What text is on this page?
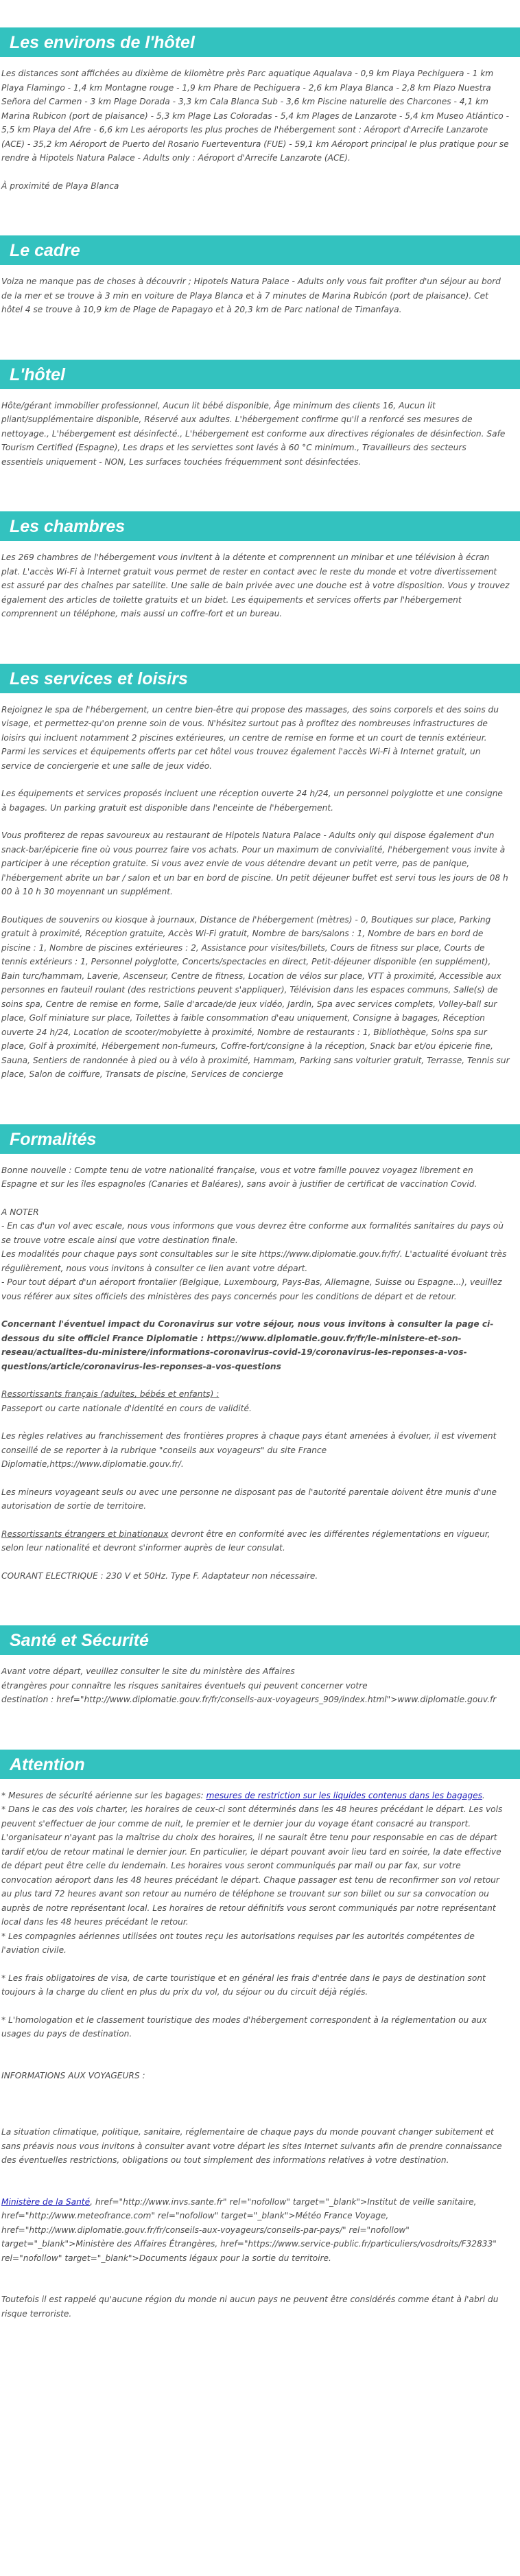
Les environs de l'hôtel

Les distances sont affichées au dixième de kilomètre près Parc aquatique Aqualava - 0,9 km Playa Pechiguera - 1 km Playa Flamingo - 1,4 km Montagne rouge - 1,9 km Phare de Pechiguera - 2,6 km Playa Blanca - 2,8 km Plazo Nuestra Señora del Carmen - 3 km Plage Dorada - 3,3 km Cala Blanca Sub - 3,6 km Piscine naturelle des Charcones - 4,1 km Marina Rubicon (port de plaisance) - 5,3 km Plage Las Coloradas - 5,4 km Plages de Lanzarote - 5,4 km Museo Atlántico - 5,5 km Playa del Afre - 6,6 km Les aéroports les plus proches de l'hébergement sont : Aéroport d'Arrecife Lanzarote (ACE) - 35,2 km Aéroport de Puerto del Rosario Fuerteventura (FUE) - 59,1 km Aéroport principal le plus pratique pour se rendre à Hipotels Natura Palace - Adults only : Aéroport d'Arrecife Lanzarote (ACE).

À proximité de Playa Blanca

Le cadre

Voiza ne manque pas de choses à découvrir ; Hipotels Natura Palace - Adults only vous fait profiter d'un séjour au bord de la mer et se trouve à 3 min en voiture de Playa Blanca et à 7 minutes de Marina Rubicón (port de plaisance). Cet hôtel 4 se trouve à 10,9 km de Plage de Papagayo et à 20,3 km de Parc national de Timanfaya.

L'hôtel

Hôte/gérant immobilier professionnel, Aucun lit bébé disponible, Âge minimum des clients 16, Aucun lit pliant/supplémentaire disponible, Réservé aux adultes. L'hébergement confirme qu'il a renforcé ses mesures de nettoyage., L'hébergement est désinfecté., L'hébergement est conforme aux directives régionales de désinfection. Safe Tourism Certified (Espagne), Les draps et les serviettes sont lavés à 60 °C minimum., Travailleurs des secteurs essentiels uniquement - NON, Les surfaces touchées fréquemment sont désinfectées.

Les chambres

Les 269 chambres de l'hébergement vous invitent à la détente et comprennent un minibar et une télévision à écran plat. L'accès Wi-Fi à Internet gratuit vous permet de rester en contact avec le reste du monde et votre divertissement est assuré par des chaînes par satellite. Une salle de bain privée avec une douche est à votre disposition. Vous y trouvez également des articles de toilette gratuits et un bidet. Les équipements et services offerts par l'hébergement comprennent un téléphone, mais aussi un coffre-fort et un bureau.

Les services et loisirs

Rejoignez le spa de l'hébergement, un centre bien-être qui propose des massages, des soins corporels et des soins du visage, et permettez-qu'on prenne soin de vous. N'hésitez surtout pas à profitez des nombreuses infrastructures de loisirs qui incluent notamment 2 piscines extérieures, un centre de remise en forme et un court de tennis extérieur. Parmi les services et équipements offerts par cet hôtel vous trouvez également l'accès Wi-Fi à Internet gratuit, un service de conciergerie et une salle de jeux vidéo.

Les équipements et services proposés incluent une réception ouverte 24 h/24, un personnel polyglotte et une consigne à bagages. Un parking gratuit est disponible dans l'enceinte de l'hébergement.

Vous profiterez de repas savoureux au restaurant de Hipotels Natura Palace - Adults only qui dispose également d'un snack-bar/épicerie fine où vous pourrez faire vos achats. Pour un maximum de convivialité, l'hébergement vous invite à participer à une réception gratuite. Si vous avez envie de vous détendre devant un petit verre, pas de panique, l'hébergement abrite un bar / salon et un bar en bord de piscine. Un petit déjeuner buffet est servi tous les jours de 08 h 00 à 10 h 30 moyennant un supplément.

Boutiques de souvenirs ou kiosque à journaux, Distance de l'hébergement (mètres) - 0, Boutiques sur place, Parking gratuit à proximité, Réception gratuite, Accès Wi-Fi gratuit, Nombre de bars/salons : 1, Nombre de bars en bord de piscine : 1, Nombre de piscines extérieures : 2, Assistance pour visites/billets, Cours de fitness sur place, Courts de tennis extérieurs : 1, Personnel polyglotte, Concerts/spectacles en direct, Petit-déjeuner disponible (en supplément), Bain turc/hammam, Laverie, Ascenseur, Centre de fitness, Location de vélos sur place, VTT à proximité, Accessible aux personnes en fauteuil roulant (des restrictions peuvent s'appliquer), Télévision dans les espaces communs, Salle(s) de soins spa, Centre de remise en forme, Salle d'arcade/de jeux vidéo, Jardin, Spa avec services complets, Volley-ball sur place, Golf miniature sur place, Toilettes à faible consommation d'eau uniquement, Consigne à bagages, Réception ouverte 24 h/24, Location de scooter/mobylette à proximité, Nombre de restaurants : 1, Bibliothèque, Soins spa sur place, Golf à proximité, Hébergement non-fumeurs, Coffre-fort/consigne à la réception, Snack bar et/ou épicerie fine, Sauna, Sentiers de randonnée à pied ou à vélo à proximité, Hammam, Parking sans voiturier gratuit, Terrasse, Tennis sur place, Salon de coiffure, Transats de piscine, Services de concierge

Formalités

Bonne nouvelle : Compte tenu de votre nationalité française, vous et votre famille pouvez voyagez librement en Espagne et sur les îles espagnoles (Canaries et Baléares), sans avoir à justifier de certificat de vaccination Covid.

A NOTER
- En cas d'un vol avec escale, nous vous informons que vous devrez être conforme aux formalités sanitaires du pays où se trouve votre escale ainsi que votre destination finale.
Les modalités pour chaque pays sont consultables sur le site https://www.diplomatie.gouv.fr/fr/. L'actualité évoluant très régulièrement, nous vous invitons à consulter ce lien avant votre départ.
- Pour tout départ d'un aéroport frontalier (Belgique, Luxembourg, Pays-Bas, Allemagne, Suisse ou Espagne...), veuillez vous référer aux sites officiels des ministères des pays concernés pour les conditions de départ et de retour.

Concernant l'éventuel impact du Coronavirus sur votre séjour, nous vous invitons à consulter la page ci-dessous du site officiel France Diplomatie : https://www.diplomatie.gouv.fr/fr/le-ministere-et-son-reseau/actualites-du-ministere/informations-coronavirus-covid-19/coronavirus-les-reponses-a-vos-questions/article/coronavirus-les-reponses-a-vos-questions

Ressortissants français (adultes, bébés et enfants) :
Passeport ou carte nationale d'identité en cours de validité.

Les règles relatives au franchissement des frontières propres à chaque pays étant amenées à évoluer, il est vivement conseillé de se reporter à la rubrique "conseils aux voyageurs" du site France Diplomatie,https://www.diplomatie.gouv.fr/.

Les mineurs voyageant seuls ou avec une personne ne disposant pas de l'autorité parentale doivent être munis d'une autorisation de sortie de territoire.

Ressortissants étrangers et binationaux devront être en conformité avec les différentes réglementations en vigueur, selon leur nationalité et devront s'informer auprès de leur consulat.

COURANT ELECTRIQUE : 230 V et 50Hz. Type F. Adaptateur non nécessaire.

Santé et Sécurité

Avant votre départ, veuillez consulter le site du ministère des Affaires
étrangères pour connaître les risques sanitaires éventuels qui peuvent concerner votre
destination : href="http://www.diplomatie.gouv.fr/fr/conseils-aux-voyageurs_909/index.html">www.diplomatie.gouv.fr

Attention

* Mesures de sécurité aérienne sur les bagages: mesures de restriction sur les liquides contenus dans les bagages.

* Dans le cas des vols charter, les horaires de ceux-ci sont déterminés dans les 48 heures précédant le départ. Les vols peuvent s'effectuer de jour comme de nuit, le premier et le dernier jour du voyage étant consacré au transport. L'organisateur n'ayant pas la maîtrise du choix des horaires, il ne saurait être tenu pour responsable en cas de départ tardif et/ou de retour matinal le dernier jour. En particulier, le départ pouvant avoir lieu tard en soirée, la date effective de départ peut être celle du lendemain. Les horaires vous seront communiqués par mail ou par fax, sur votre convocation aéroport dans les 48 heures précédant le départ. Chaque passager est tenu de reconfirmer son vol retour au plus tard 72 heures avant son retour au numéro de téléphone se trouvant sur son billet ou sur sa convocation ou auprès de notre représentant local. Les horaires de retour définitifs vous seront communiqués par notre représentant local dans les 48 heures précédant le retour.

* Les compagnies aériennes utilisées ont toutes reçu les autorisations requises par les autorités compétentes de l'aviation civile.

* Les frais obligatoires de visa, de carte touristique et en général les frais d'entrée dans le pays de destination sont toujours à la charge du client en plus du prix du vol, du séjour ou du circuit déjà réglés.

* L'homologation et le classement touristique des modes d'hébergement correspondent à la réglementation ou aux usages du pays de destination.

INFORMATIONS AUX VOYAGEURS :

La situation climatique, politique, sanitaire, réglementaire de chaque pays du monde pouvant changer subitement et sans préavis nous vous invitons à consulter avant votre départ les sites Internet suivants afin de prendre connaissance des éventuelles restrictions, obligations ou tout simplement des informations relatives à votre destination.

Ministère de la Santé, href="http://www.invs.sante.fr" rel="nofollow" target="_blank">Institut de veille sanitaire, href="http://www.meteofrance.com" rel="nofollow" target="_blank">Météo France Voyage, href="http://www.diplomatie.gouv.fr/fr/conseils-aux-voyageurs/conseils-par-pays/" rel="nofollow" target="_blank">Ministère des Affaires Étrangères, href="https://www.service-public.fr/particuliers/vosdroits/F32833" rel="nofollow" target="_blank">Documents légaux pour la sortie du territoire.

Toutefois il est rappelé qu'aucune région du monde ni aucun pays ne peuvent être considérés comme étant à l'abri du risque terroriste.
